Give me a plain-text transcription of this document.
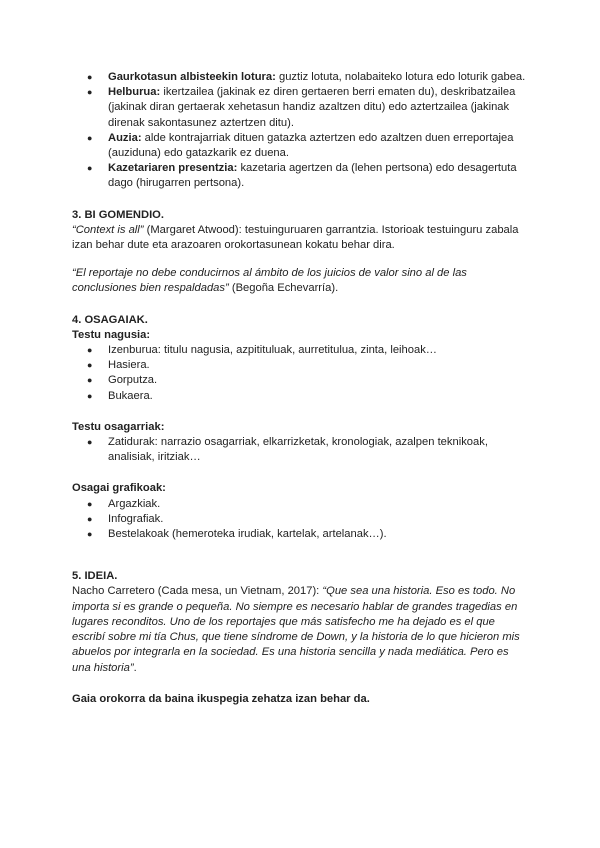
● Gaurkotasun albisteekin lotura: guztiz lotuta, nolabaiteko lotura edo loturik gabea.
● Helburua: ikertzailea (jakinak ez diren gertaeren berri ematen du), deskribatzailea (jakinak diran gertaerak xehetasun handiz azaltzen ditu) edo aztertzailea (jakinak direnak sakontasunez aztertzen ditu).
● Auzia: alde kontrajarriak dituen gatazka aztertzen edo azaltzen duen erreportajea (auziduna) edo gatazkarik ez duena.
● Kazetariaren presentzia: kazetaria agertzen da (lehen pertsona) edo desagertuta dago (hirugarren pertsona).

3. BI GOMENDIO.

“Context is all” (Margaret Atwood): testuinguruaren garrantzia. Istorioak testuinguru zabala izan behar dute eta arazoaren orokortasunean kokatu behar dira.

“El reportaje no debe conducirnos al ámbito de los juicios de valor sino al de las conclusiones bien respaldadas” (Begoña Echevarría).

4. OSAGAIAK.

Testu nagusia:

● Izenburua: titulu nagusia, azpitituluak, aurretitulua, zinta, leihoak…
● Hasiera.
● Gorputza.
● Bukaera.

Testu osagarriak:

● Zatidurak: narrazio osagarriak, elkarrizketak, kronologiak, azalpen teknikoak, analisiak, iritziak…

Osagai grafikoak:

● Argazkiak.
● Infografiak.
● Bestelakoak (hemeroteka irudiak, kartelak, artelanak…).

5. IDEIA.

Nacho Carretero (Cada mesa, un Vietnam, 2017): “Que sea una historia. Eso es todo. No importa si es grande o pequeña. No siempre es necesario hablar de grandes tragedias en lugares reconditos. Uno de los reportajes que más satisfecho me ha dejado es el que escribí sobre mi tía Chus, que tiene síndrome de Down, y la historia de lo que hicieron mis abuelos por integrarla en la sociedad. Es una historia sencilla y nada mediática. Pero es una historia”.

Gaia orokorra da baina ikuspegia zehatza izan behar da.
